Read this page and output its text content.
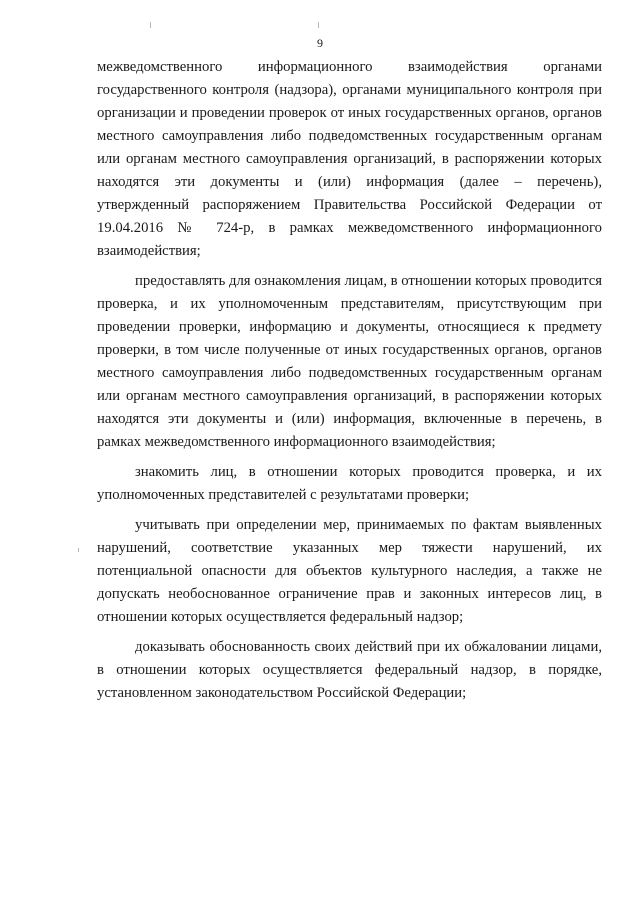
9

межведомственного информационного взаимодействия органами государственного контроля (надзора), органами муниципального контроля при организации и проведении проверок от иных государственных органов, органов местного самоуправления либо подведомственных государственным органам или органам местного самоуправления организаций, в распоряжении которых находятся эти документы и (или) информация (далее – перечень), утвержденный распоряжением Правительства Российской Федерации от 19.04.2016 № 724-р, в рамках межведомственного информационного взаимодействия;

предоставлять для ознакомления лицам, в отношении которых проводится проверка, и их уполномоченным представителям, присутствующим при проведении проверки, информацию и документы, относящиеся к предмету проверки, в том числе полученные от иных государственных органов, органов местного самоуправления либо подведомственных государственным органам или органам местного самоуправления организаций, в распоряжении которых находятся эти документы и (или) информация, включенные в перечень, в рамках межведомственного информационного взаимодействия;

знакомить лиц, в отношении которых проводится проверка, и их уполномоченных представителей с результатами проверки;

учитывать при определении мер, принимаемых по фактам выявленных нарушений, соответствие указанных мер тяжести нарушений, их потенциальной опасности для объектов культурного наследия, а также не допускать необоснованное ограничение прав и законных интересов лиц, в отношении которых осуществляется федеральный надзор;

доказывать обоснованность своих действий при их обжаловании лицами, в отношении которых осуществляется федеральный надзор, в порядке, установленном законодательством Российской Федерации;
